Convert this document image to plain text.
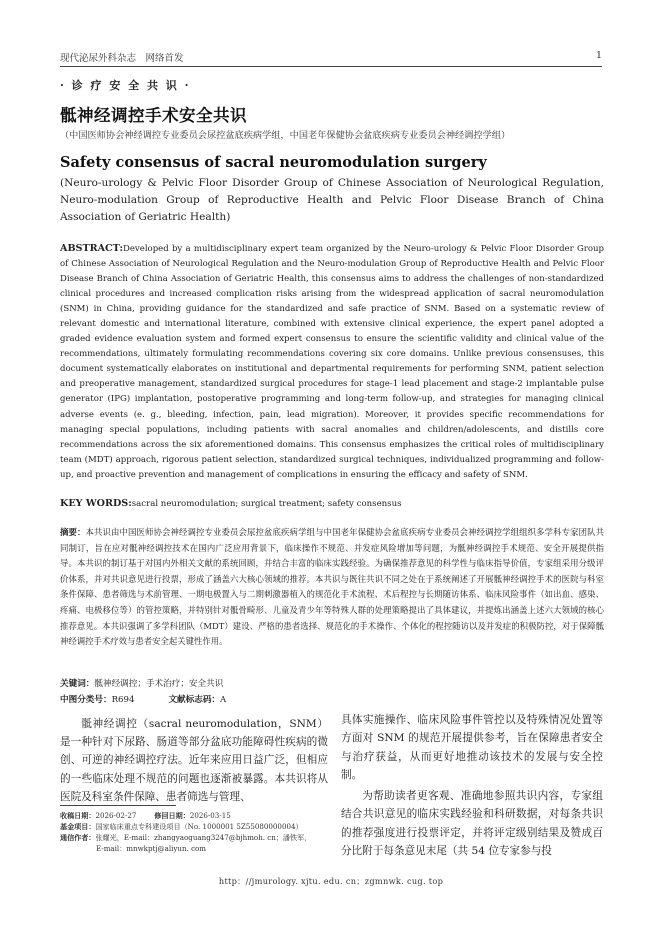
现代泌尿外科杂志　网络首发	1
· 诊 疗 安 全 共 识 ·
骶神经调控手术安全共识
（中国医师协会神经调控专业委员会尿控盆底疾病学组，中国老年保健协会盆底疾病专业委员会神经调控学组）
Safety consensus of sacral neuromodulation surgery
(Neuro-urology & Pelvic Floor Disorder Group of Chinese Association of Neurological Regulation, Neuro-modulation Group of Reproductive Health and Pelvic Floor Disease Branch of China Association of Geriatric Health)
ABSTRACT:Developed by a multidisciplinary expert team organized by the Neuro-urology & Pelvic Floor Disorder Group of Chinese Association of Neurological Regulation and the Neuro-modulation Group of Reproductive Health and Pelvic Floor Disease Branch of China Association of Geriatric Health, this consensus aims to address the challenges of non-standardized clinical procedures and increased complication risks arising from the widespread application of sacral neuromodulation (SNM) in China, providing guidance for the standardized and safe practice of SNM. Based on a systematic review of relevant domestic and international literature, combined with extensive clinical experience, the expert panel adopted a graded evidence evaluation system and formed expert consensus to ensure the scientific validity and clinical value of the recommendations, ultimately formulating recommendations covering six core domains. Unlike previous consensuses, this document systematically elaborates on institutional and departmental requirements for performing SNM, patient selection and preoperative management, standardized surgical procedures for stage-1 lead placement and stage-2 implantable pulse generator (IPG) implantation, postoperative programming and long-term follow-up, and strategies for managing clinical adverse events (e. g., bleeding, infection, pain, lead migration). Moreover, it provides specific recommendations for managing special populations, including patients with sacral anomalies and children/adolescents, and distills core recommendations across the six aforementioned domains. This consensus emphasizes the critical roles of multidisciplinary team (MDT) approach, rigorous patient selection, standardized surgical techniques, individualized programming and follow-up, and proactive prevention and management of complications in ensuring the efficacy and safety of SNM.
KEY WORDS:sacral neuromodulation; surgical treatment; safety consensus
摘要：本共识由中国医师协会神经调控专业委员会尿控盆底疾病学组与中国老年保健协会盆底疾病专业委员会神经调控学组组织多学科专家团队共同制订，旨在应对骶神经调控技术在国内广泛应用背景下，临床操作不规范、并发症风险增加等问题，为骶神经调控手术规范、安全开展提供指导。本共识的制订基于对国内外相关文献的系统回顾，并结合丰富的临床实践经验。为确保推荐意见的科学性与临床指导价值，专家组采用分级评价体系，并对共识意见进行投票，形成了涵盖六大核心领域的推荐。本共识与既往共识不同之处在于系统阐述了开展骶神经调控手术的医院与科室条件保障、患者筛选与术前管理、一期电极置入与二期刺激器植入的规范化手术流程、术后程控与长期随访体系、临床风险事件（如出血、感染、疼痛、电极移位等）的管控策略，并特别针对骶骨畸形、儿童及青少年等特殊人群的处理策略提出了具体建议，并提炼出涵盖上述六大领域的核心推荐意见。本共识强调了多学科团队（MDT）建设、严格的患者选择、规范化的手术操作、个体化的程控随访以及并发症的积极防控，对于保障骶神经调控手术疗效与患者安全起关键性作用。
关键词：骶神经调控；手术治疗；安全共识
中图分类号：R694	文献标志码：A

骶神经调控（sacral neuromodulation，SNM）是一种针对下尿路、肠道等部分盆底功能障碍性疾病的微创、可逆的神经调控疗法。近年来应用日益广泛，但相应的一些临床处理不规范的问题也逐渐被暴露。本共识将从医院及科室条件保障、患者筛选与管理、

具体实施操作、临床风险事件管控以及特殊情况处置等方面对 SNM 的规范开展提供参考，旨在保障患者安全与治疗获益，从而更好地推动该技术的发展与安全控制。

为帮助读者更客观、准确地参照共识内容，专家组结合共识意见的临床实践经验和科研数据，对每条共识的推荐强度进行投票评定，并将评定级别结果及赞成百分比附于每条意见末尾（共 54 位专家参与投

收稿日期：2026-02-27	修回日期：2026-03-15
基金项目：国家临床重点专科建设项目（No. 1000001 5Z55080000004）
通信作者：张耀光，E-mail：zhangyaoguang3247@bjhmoh. cn；潘铁军，
E-mail：mnwkptj@aliyun. com
http：//jmurology. xjtu. edu. cn；zgmnwk. cug. top
